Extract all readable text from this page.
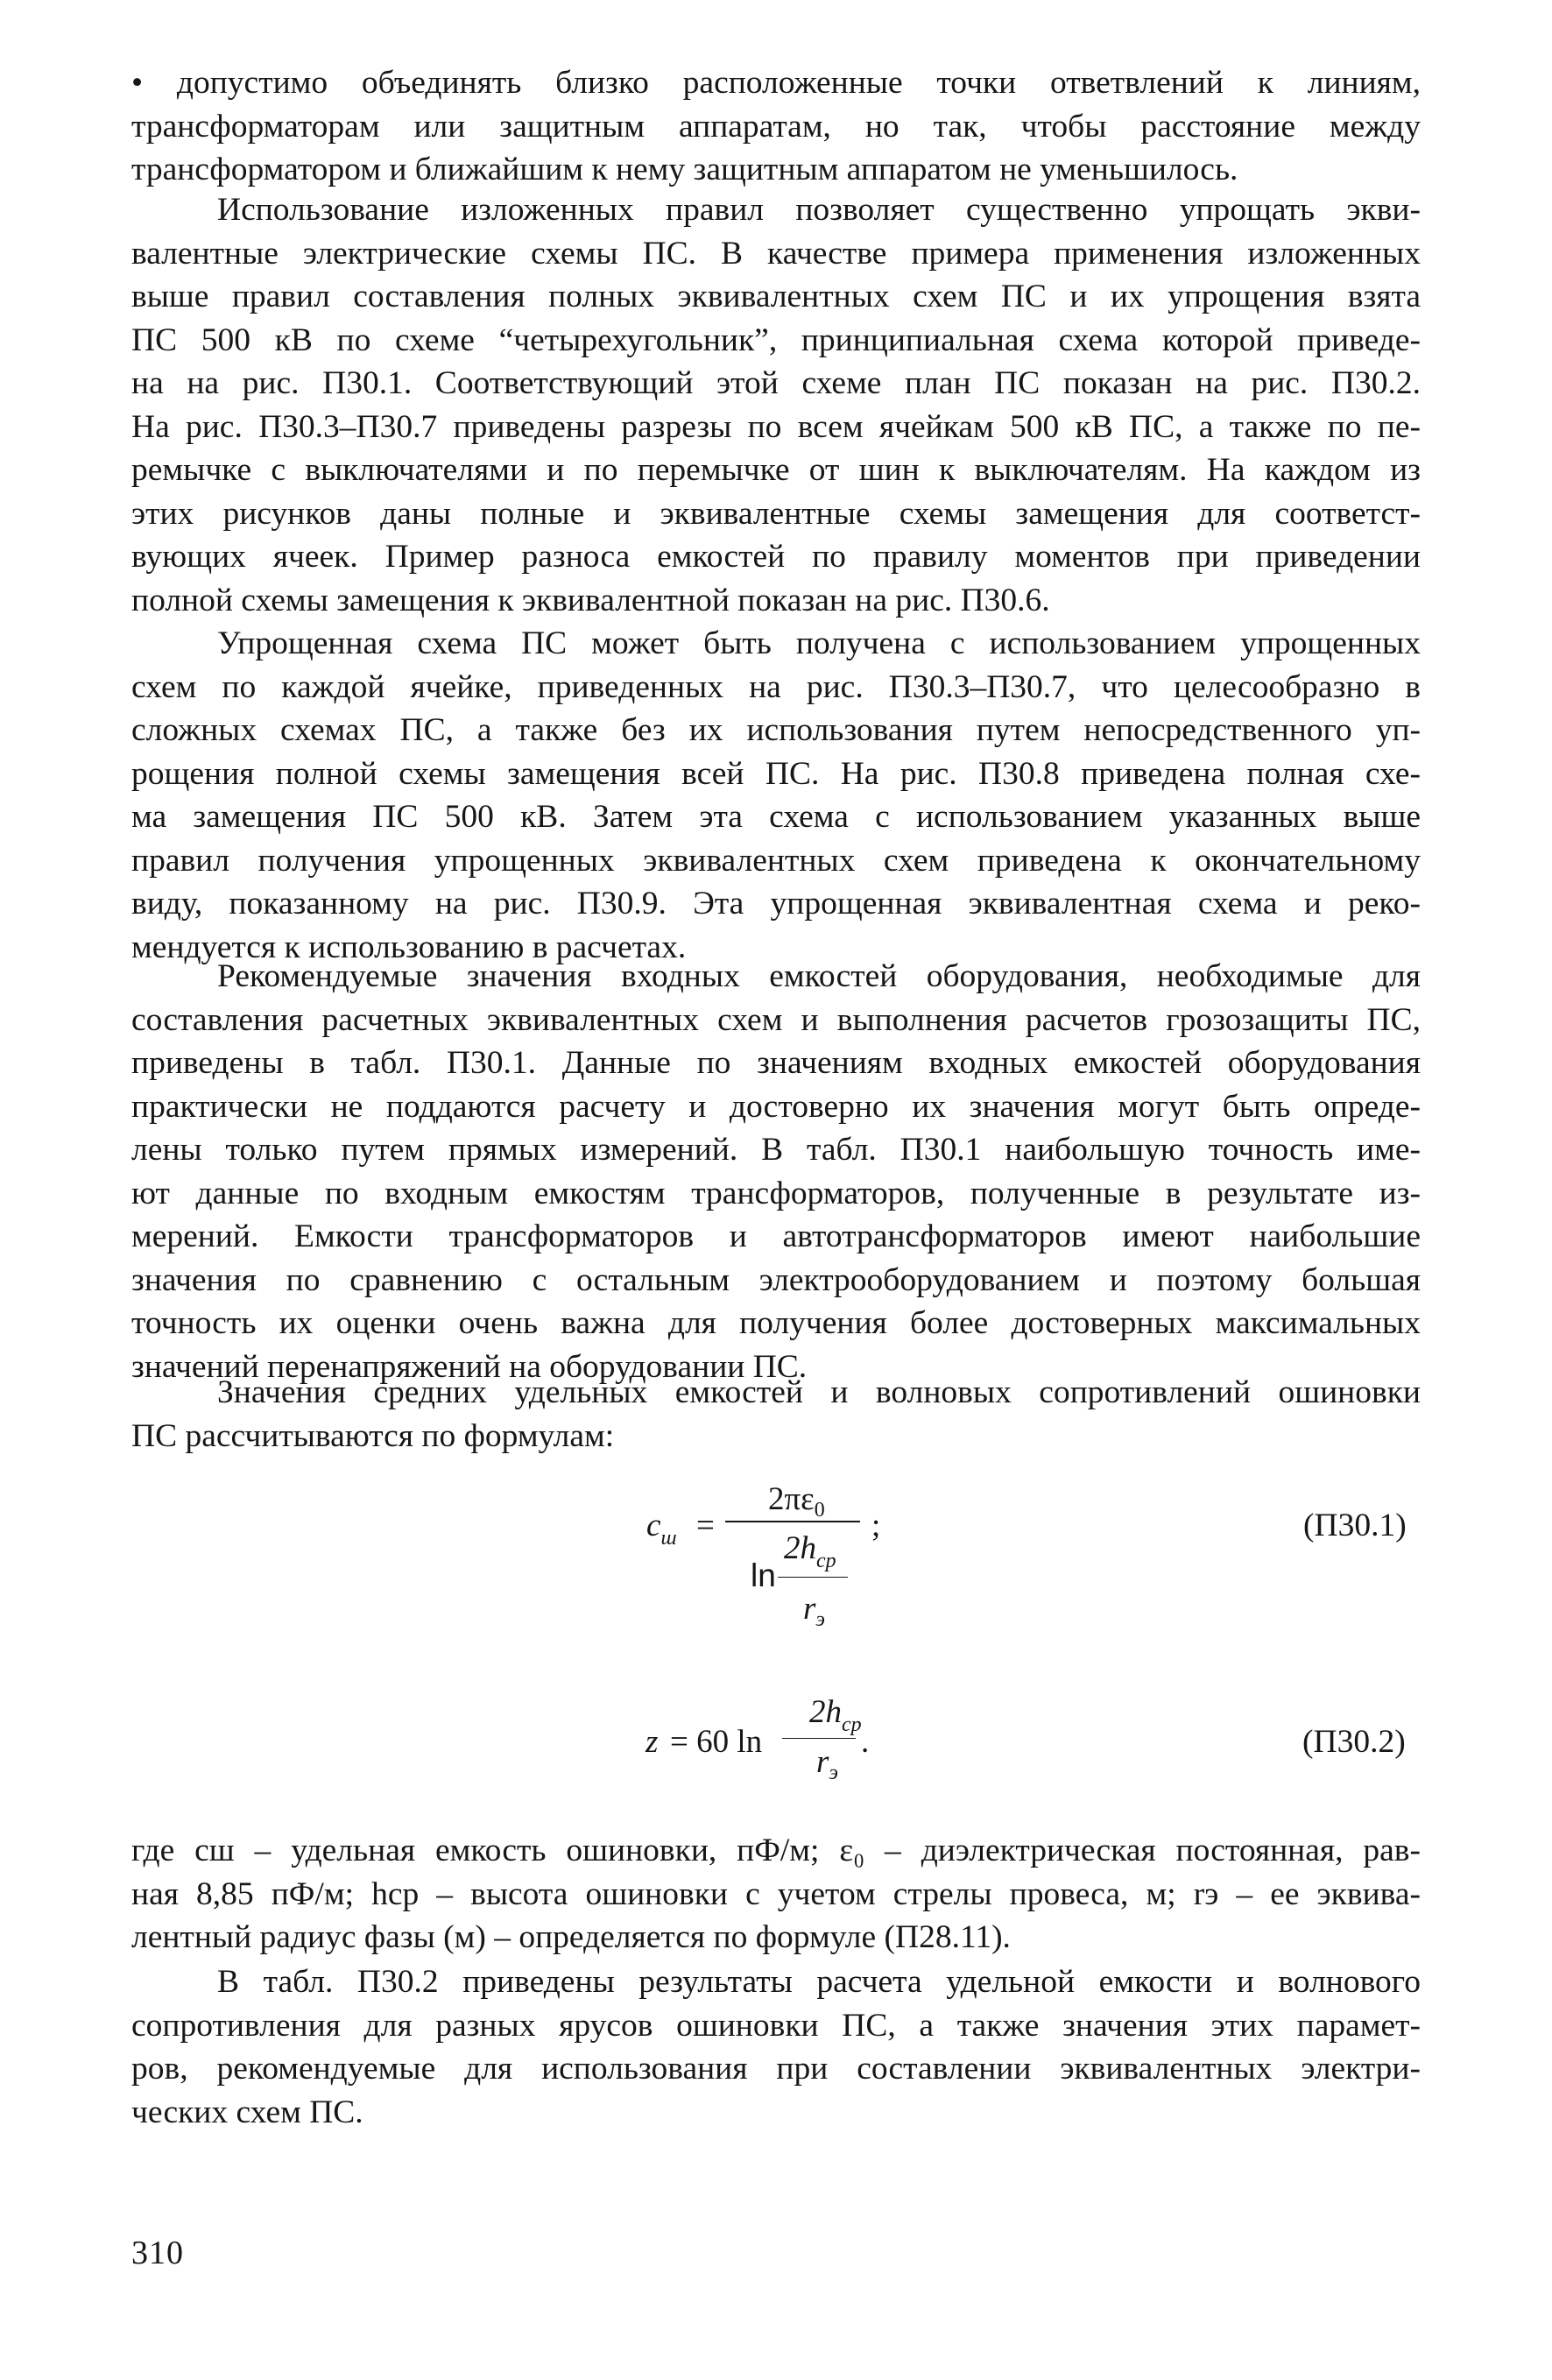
• допустимо объединять близко расположенные точки ответвлений к линиям, трансформаторам или защитным аппаратам, но так, чтобы расстояние между трансформатором и ближайшим к нему защитным аппаратом не уменьшилось.
Использование изложенных правил позволяет существенно упрощать экви- валентные электрические схемы ПС. В качестве примера применения изложенных выше правил составления полных эквивалентных схем ПС и их упрощения взята ПС 500 кВ по схеме “четырехугольник”, принципиальная схема которой приведе- на на рис. П30.1. Соответствующий этой схеме план ПС показан на рис. П30.2. На рис. П30.3–П30.7 приведены разрезы по всем ячейкам 500 кВ ПС, а также по пе- ремычке с выключателями и по перемычке от шин к выключателям. На каждом из этих рисунков даны полные и эквивалентные схемы замещения для соответст- вующих ячеек. Пример разноса емкостей по правилу моментов при приведении полной схемы замещения к эквивалентной показан на рис. П30.6.
Упрощенная схема ПС может быть получена с использованием упрощенных схем по каждой ячейке, приведенных на рис. П30.3–П30.7, что целесообразно в сложных схемах ПС, а также без их использования путем непосредственного уп- рощения полной схемы замещения всей ПС. На рис. П30.8 приведена полная схе- ма замещения ПС 500 кВ. Затем эта схема с использованием указанных выше правил получения упрощенных эквивалентных схем приведена к окончательному виду, показанному на рис. П30.9. Эта упрощенная эквивалентная схема и реко- мендуется к использованию в расчетах.
Рекомендуемые значения входных емкостей оборудования, необходимые для составления расчетных эквивалентных схем и выполнения расчетов грозозащиты ПС, приведены в табл. П30.1. Данные по значениям входных емкостей оборудования практически не поддаются расчету и достоверно их значения могут быть опреде- лены только путем прямых измерений. В табл. П30.1 наибольшую точность име- ют данные по входным емкостям трансформаторов, полученные в результате из- мерений. Емкости трансформаторов и автотрансформаторов имеют наибольшие значения по сравнению с остальным электрооборудованием и поэтому большая точность их оценки очень важна для получения более достоверных максимальных значений перенапряжений на оборудовании ПС.
Значения средних удельных емкостей и волновых сопротивлений ошиновки ПС рассчитываются по формулам:
$c_ш$ =
$2\pi\varepsilon_0$
$2h_{ср}$
ln
$r_э$
;	(П30.1)
z = 60 ln
$2h_{ср}$
$r_э$
.	(П30.2)
где cш – удельная емкость ошиновки, пФ/м; ε₀ – диэлектрическая постоянная, рав- ная 8,85 пФ/м; hср – высота ошиновки с учетом стрелы провеса, м; rэ – ее эквива- лентный радиус фазы (м) – определяется по формуле (П28.11).
В табл. П30.2 приведены результаты расчета удельной емкости и волнового сопротивления для разных ярусов ошиновки ПС, а также значения этих парамет- ров, рекомендуемые для использования при составлении эквивалентных электри- ческих схем ПС.
310
